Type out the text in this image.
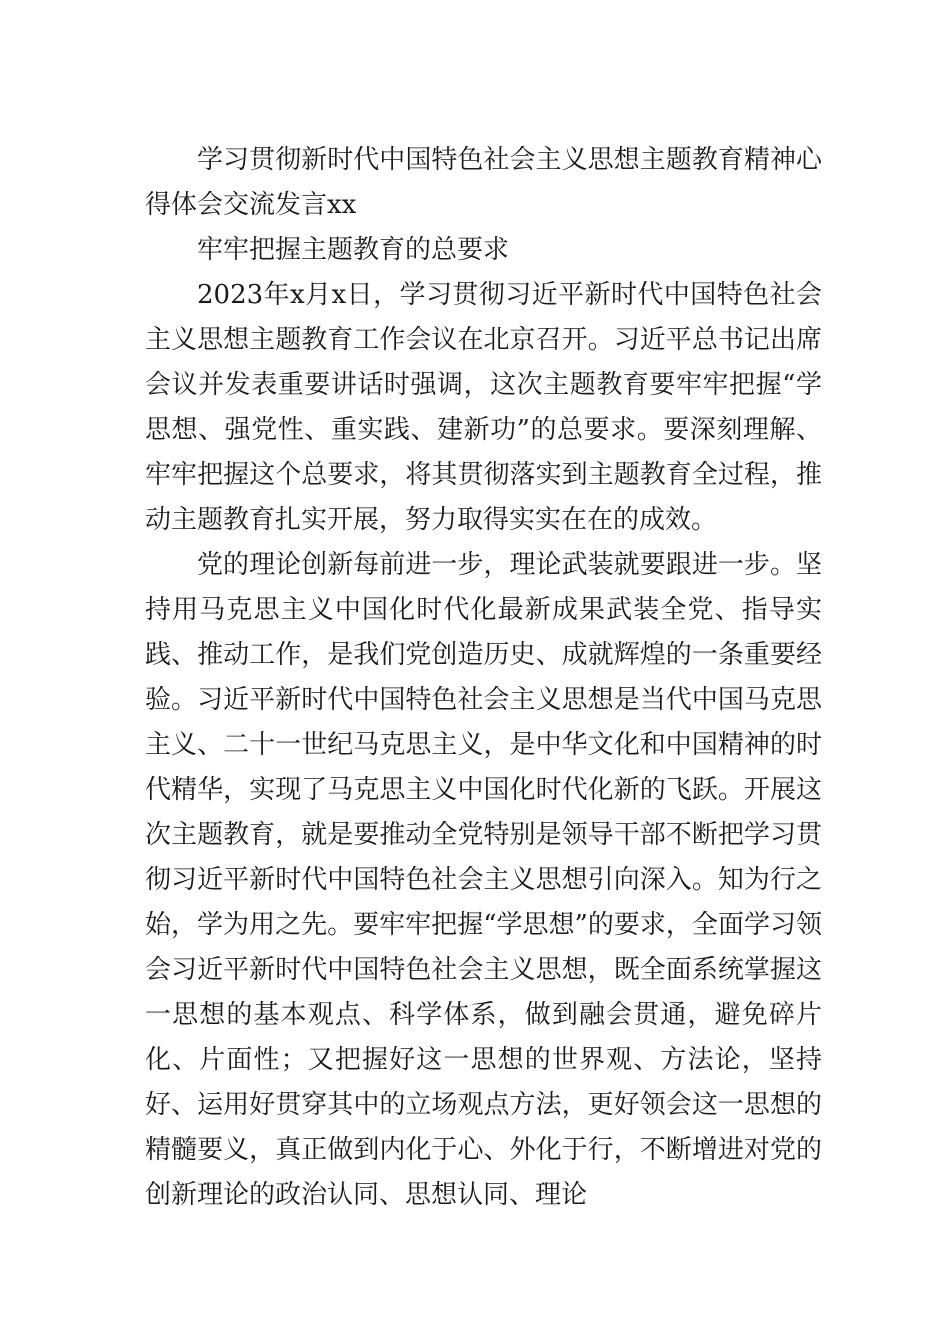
学习贯彻新时代中国特色社会主义思想主题教育精神心得体会交流发言xx

牢牢把握主题教育的总要求

2023年x月x日，学习贯彻习近平新时代中国特色社会主义思想主题教育工作会议在北京召开。习近平总书记出席会议并发表重要讲话时强调，这次主题教育要牢牢把握“学思想、强党性、重实践、建新功”的总要求。要深刻理解、牢牢把握这个总要求，将其贯彻落实到主题教育全过程，推动主题教育扎实开展，努力取得实实在在的成效。

党的理论创新每前进一步，理论武装就要跟进一步。坚持用马克思主义中国化时代化最新成果武装全党、指导实践、推动工作，是我们党创造历史、成就辉煌的一条重要经验。习近平新时代中国特色社会主义思想是当代中国马克思主义、二十一世纪马克思主义，是中华文化和中国精神的时代精华，实现了马克思主义中国化时代化新的飞跃。开展这次主题教育，就是要推动全党特别是领导干部不断把学习贯彻习近平新时代中国特色社会主义思想引向深入。知为行之始，学为用之先。要牢牢把握“学思想”的要求，全面学习领会习近平新时代中国特色社会主义思想，既全面系统掌握这一思想的基本观点、科学体系，做到融会贯通，避免碎片化、片面性；又把握好这一思想的世界观、方法论，坚持好、运用好贯穿其中的立场观点方法，更好领会这一思想的精髓要义，真正做到内化于心、外化于行，不断增进对党的创新理论的政治认同、思想认同、理论
